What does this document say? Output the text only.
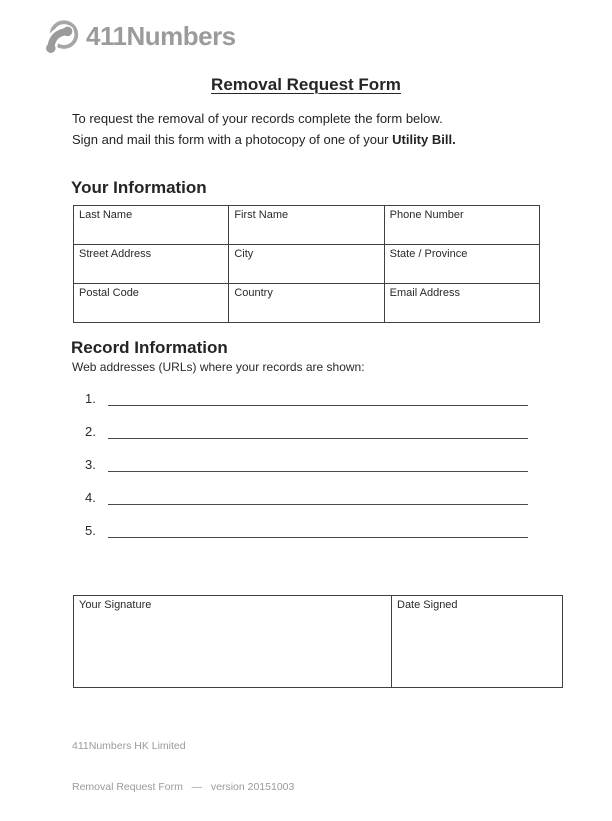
411Numbers
Removal Request Form

To request the removal of your records complete the form below.
Sign and mail this form with a photocopy of one of your Utility Bill.

Your Information
Last Name	First Name	Phone Number
Street Address	City	State / Province
Postal Code	Country	Email Address
Record Information

Web addresses (URLs) where your records are shown:

1.
2.
3.
4.
5.
Your Signature	Date Signed

411Numbers HK Limited

Removal Request Form   —   version 20151003
